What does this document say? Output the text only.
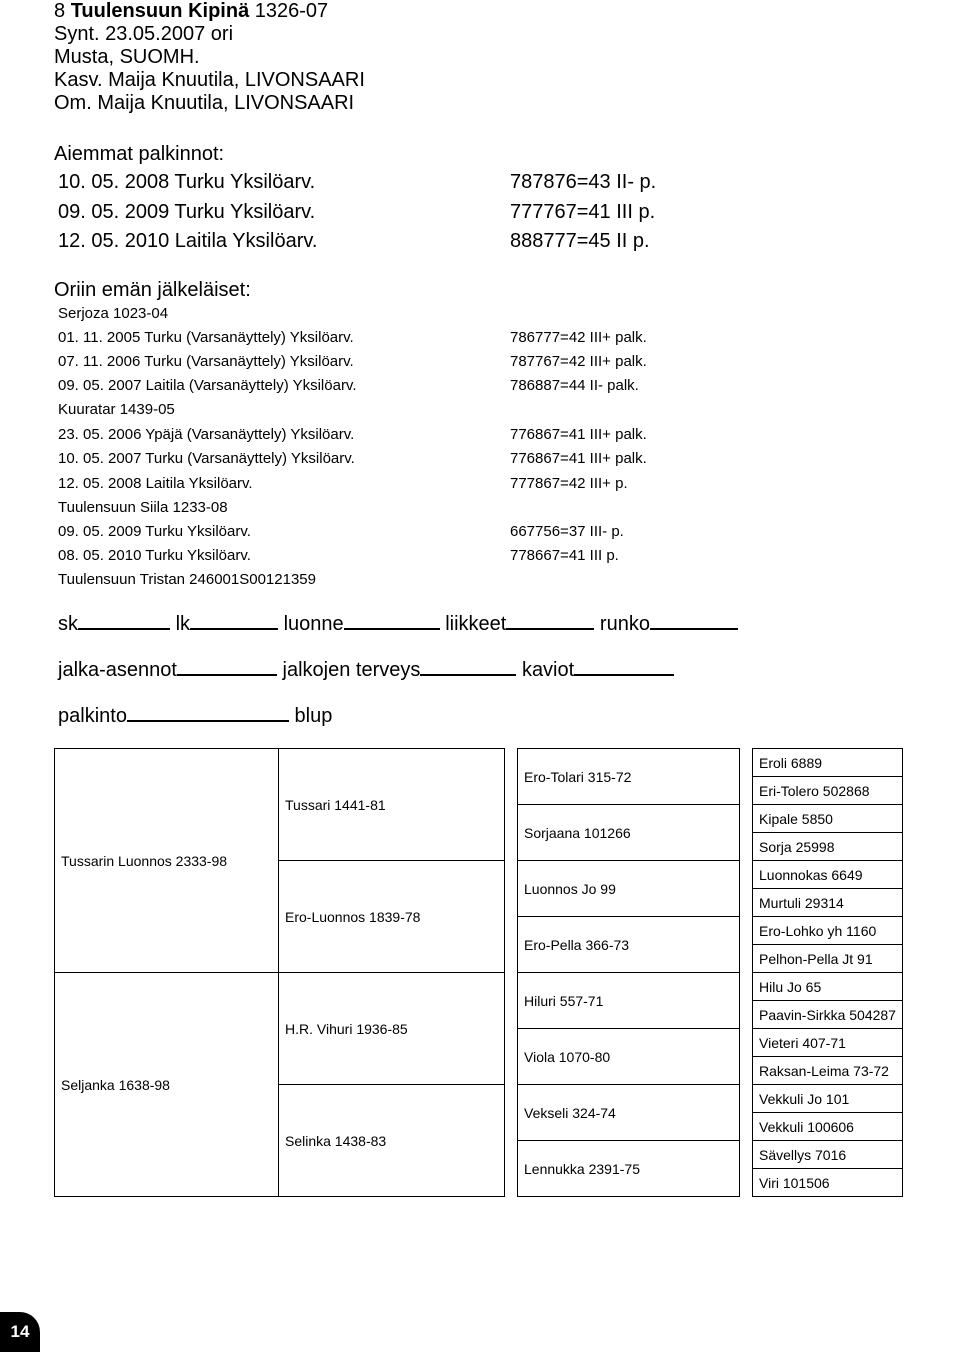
8 Tuulensuun Kipinä 1326-07
Synt. 23.05.2007 ori
Musta, SUOMH.
Kasv. Maija Knuutila, LIVONSAARI
Om. Maija Knuutila, LIVONSAARI
Aiemmat palkinnot:
10. 05. 2008 Turku Yksilöarv.	787876=43 II- p.
09. 05. 2009 Turku Yksilöarv.	777767=41 III p.
12. 05. 2010 Laitila Yksilöarv.	888777=45 II p.
Oriin emän jälkeläiset:
Serjoza 1023-04
01. 11. 2005 Turku (Varsanäyttely) Yksilöarv.	786777=42 III+ palk.
07. 11. 2006 Turku (Varsanäyttely) Yksilöarv.	787767=42 III+ palk.
09. 05. 2007 Laitila (Varsanäyttely) Yksilöarv.	786887=44 II- palk.
Kuuratar 1439-05
23. 05. 2006 Ypäjä (Varsanäyttely) Yksilöarv.	776867=41 III+ palk.
10. 05. 2007 Turku (Varsanäyttely) Yksilöarv.	776867=41 III+ palk.
12. 05. 2008 Laitila Yksilöarv.	777867=42 III+ p.
Tuulensuun Siila 1233-08
09. 05. 2009 Turku Yksilöarv.	667756=37 III- p.
08. 05. 2010 Turku Yksilöarv.	778667=41 III p.
Tuulensuun Tristan 246001S00121359
sk	lk	luonne	liikkeet	runko
jalka-asennot	jalkojen terveys	kaviot
palkinto	blup
Tussarin Luonnos 2333-98	Tussari 1441-81		Ero-Tolari 315-72		Eroli 6889
					Eri-Tolero 502868
			Sorjaana 101266		Kipale 5850
					Sorja 25998
	Ero-Luonnos 1839-78		Luonnos Jo 99		Luonnokas 6649
					Murtuli 29314
			Ero-Pella 366-73		Ero-Lohko yh 1160
					Pelhon-Pella Jt 91
Seljanka 1638-98	H.R. Vihuri 1936-85		Hiluri 557-71		Hilu Jo 65
					Paavin-Sirkka 504287
			Viola 1070-80		Vieteri 407-71
					Raksan-Leima 73-72
	Selinka 1438-83		Vekseli 324-74		Vekkuli Jo 101
					Vekkuli 100606
			Lennukka 2391-75		Sävellys 7016
					Viri 101506
14
